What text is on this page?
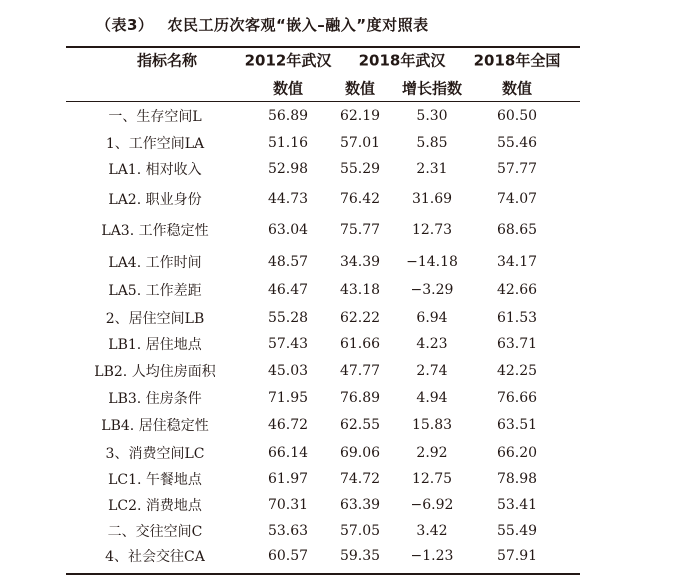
（表3） 农民工历次客观“嵌入–融入”度对照表
指标名称	2012年武汉 2018年武汉 2018年全国
数值	数值 增长指数	数值
一、生存空间L	56.89 62.19	5.30	60.50
1、工作空间LA	51.16 57.01	5.85	55.46
LA1. 相对收入	52.98 55.29	2.31	57.77
LA2. 职业身份	44.73 76.42 31.69	74.07
LA3. 工作稳定性	63.04 75.77 12.73	68.65
LA4. 工作时间	48.57 34.39 −14.18	34.17
LA5. 工作差距	46.47 43.18 −3.29	42.66
2、居住空间LB	55.28 62.22	6.94	61.53
LB1. 居住地点	57.43 61.66	4.23	63.71
LB2. 人均住房面积	45.03 47.77	2.74	42.25
LB3. 住房条件	71.95 76.89	4.94	76.66
LB4. 居住稳定性	46.72 62.55 15.83	63.51
3、消费空间LC	66.14 69.06	2.92	66.20
LC1. 午餐地点	61.97 74.72 12.75	78.98
LC2. 消费地点	70.31 63.39 −6.92	53.41
二、交往空间C	53.63 57.05	3.42	55.49
4、社会交往CA	60.57 59.35 −1.23	57.91
